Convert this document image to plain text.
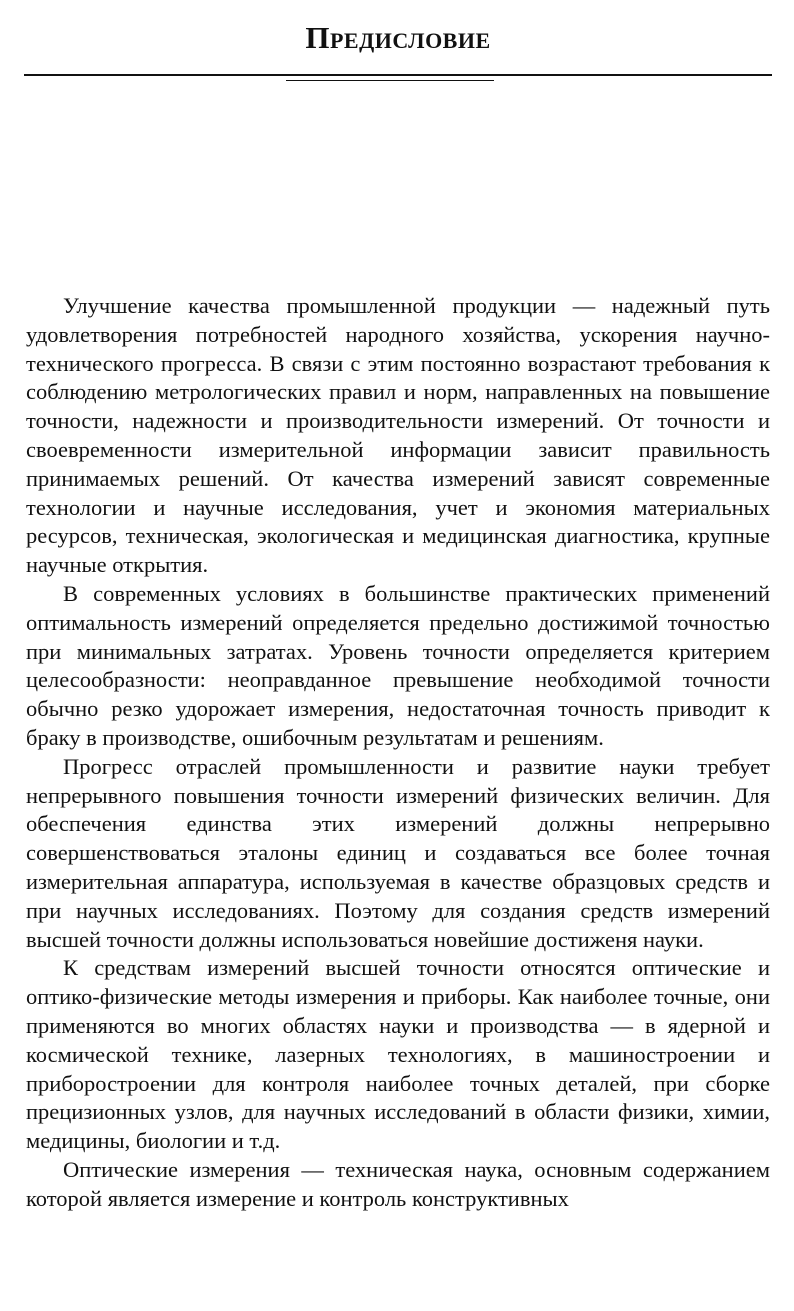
Предисловие

Улучшение качества промышленной продукции — надежный путь удовлетворения потребностей народного хозяйства, ускорения научно-технического прогресса. В связи с этим постоянно возрастают требования к соблюдению метрологических правил и норм, направленных на повышение точности, надежности и производительности измерений. От точности и своевременности измерительной информации зависит правильность принимаемых решений. От качества измерений зависят современные технологии и научные исследования, учет и экономия материальных ресурсов, техническая, экологическая и медицинская диагностика, крупные научные открытия.

В современных условиях в большинстве практических применений оптимальность измерений определяется предельно достижимой точностью при минимальных затратах. Уровень точности определяется критерием целесообразности: неоправданное превышение необходимой точности обычно резко удорожает измерения, недостаточная точность приводит к браку в производстве, ошибочным результатам и решениям.

Прогресс отраслей промышленности и развитие науки требует непрерывного повышения точности измерений физических величин. Для обеспечения единства этих измерений должны непрерывно совершенствоваться эталоны единиц и создаваться все более точная измерительная аппаратура, используемая в качестве образцовых средств и при научных исследованиях. Поэтому для создания средств измерений высшей точности должны использоваться новейшие достиженя науки.

К средствам измерений высшей точности относятся оптические и оптико-физические методы измерения и приборы. Как наиболее точные, они применяются во многих областях науки и производства — в ядерной и космической технике, лазерных технологиях, в машиностроении и приборостроении для контроля наиболее точных деталей, при сборке прецизионных узлов, для научных исследований в области физики, химии, медицины, биологии и т.д.

Оптические измерения — техническая наука, основным содержанием которой является измерение и контроль конструктивных
